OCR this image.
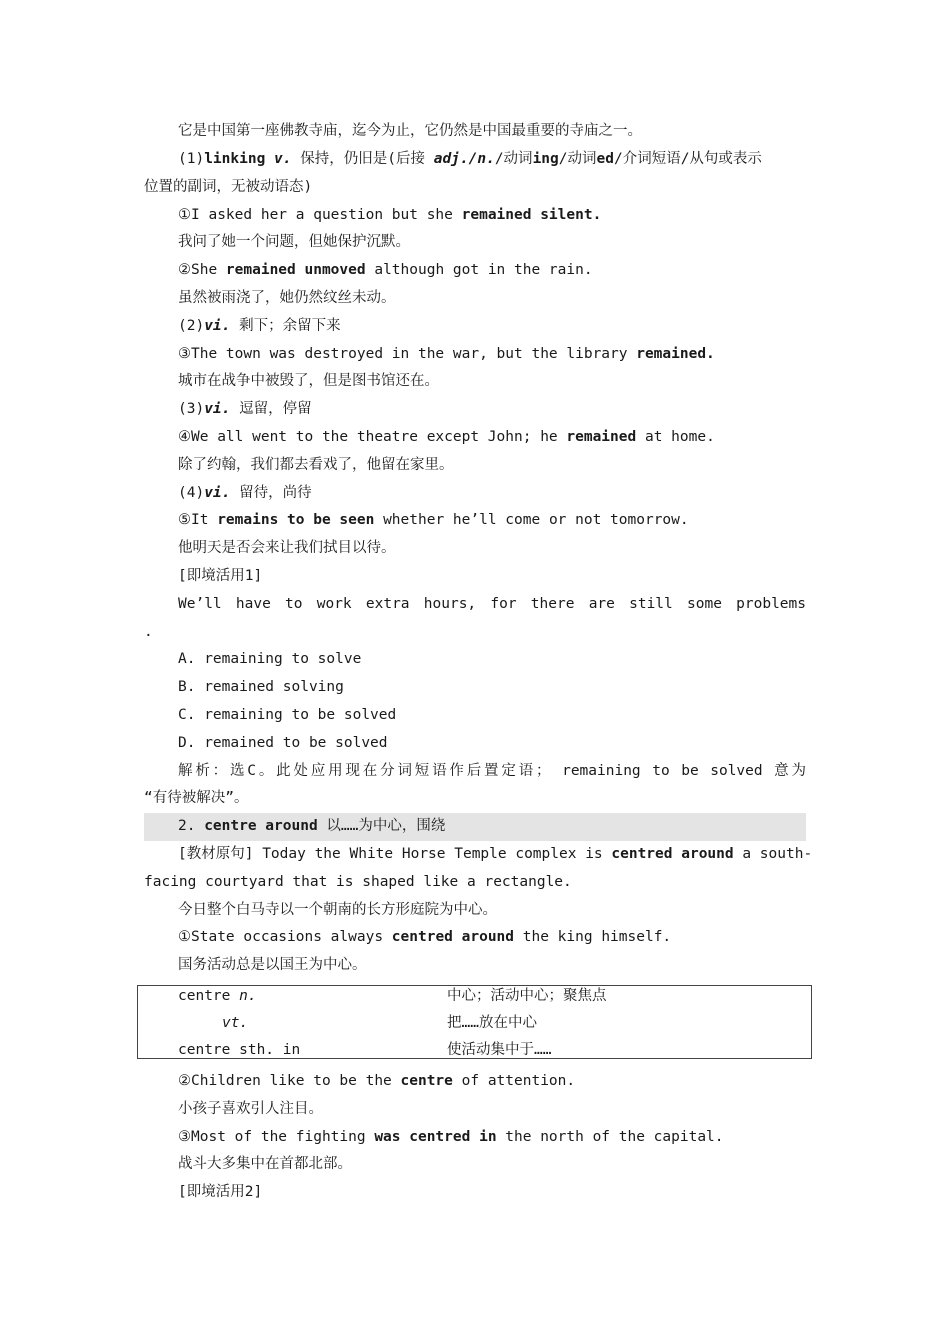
它是中国第一座佛教寺庙，迄今为止，它仍然是中国最重要的寺庙之一。
(1)linking v. 保持，仍旧是(后接 adj./n./动词ing/动词ed/介词短语/从句或表示
位置的副词，无被动语态)
①I asked her a question but she remained silent.
我问了她一个问题，但她保护沉默。
②She remained unmoved although got in the rain.
虽然被雨浇了，她仍然纹丝未动。
(2)vi. 剩下；余留下来
③The town was destroyed in the war, but the library remained.
城市在战争中被毁了，但是图书馆还在。
(3)vi. 逗留，停留
④We all went to the theatre except John; he remained at home.
除了约翰，我们都去看戏了，他留在家里。
(4)vi. 留待，尚待
⑤It remains to be seen whether he’ll come or not tomorrow.
他明天是否会来让我们拭目以待。
[即境活用1]
We’ll have to work extra hours, for there are still some problems
.
A. remaining to solve
B. remained solving
C. remaining to be solved
D. remained to be solved
解析：选C。此处应用现在分词短语作后置定语； remaining to be solved 意为
“有待被解决”。
2. centre around 以……为中心，围绕
[教材原句] Today the White Horse Temple complex is centred around a south-
facing courtyard that is shaped like a rectangle.
今日整个白马寺以一个朝南的长方形庭院为中心。
①State occasions always centred around the king himself.
国务活动总是以国王为中心。
centre n.	中心；活动中心；聚焦点
vt.	把……放在中心
centre sth. in	使活动集中于……
②Children like to be the centre of attention.
小孩子喜欢引人注目。
③Most of the fighting was centred in the north of the capital.
战斗大多集中在首都北部。
[即境活用2]
